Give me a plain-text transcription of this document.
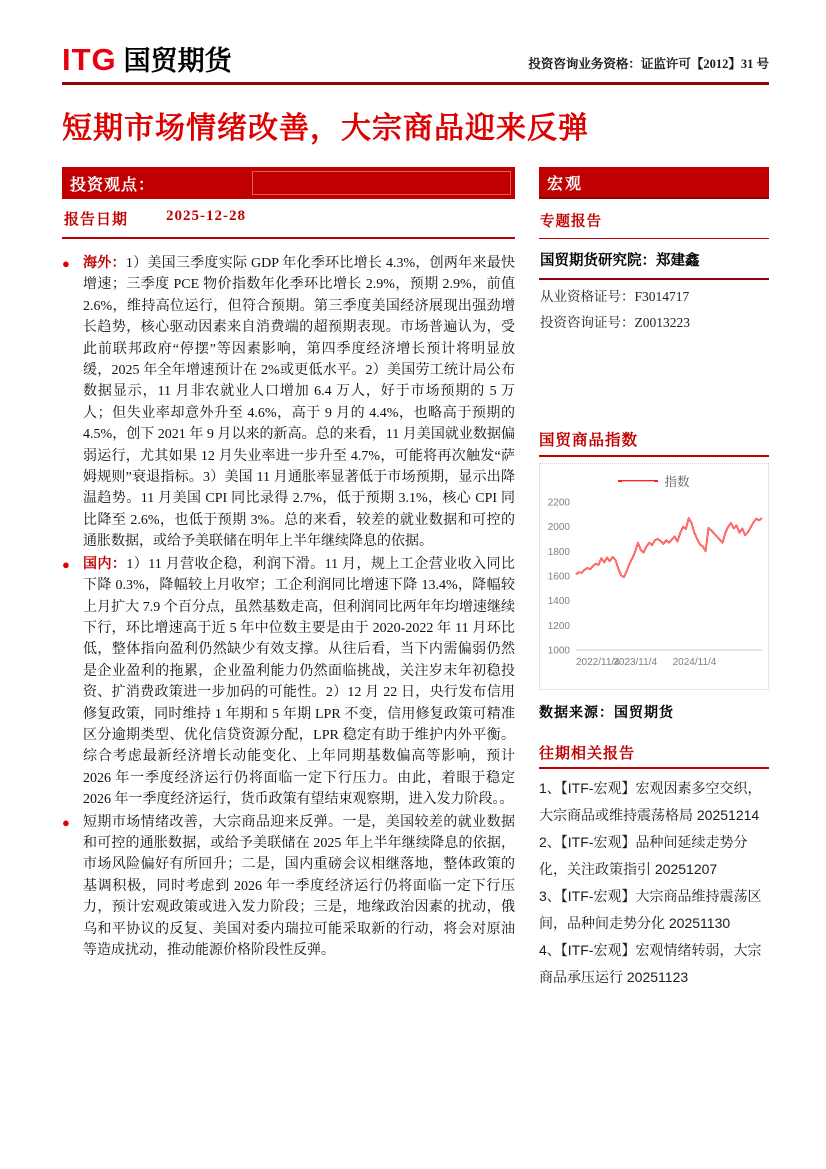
ITG 国贸期货	投资咨询业务资格：证监许可【2012】31 号
短期市场情绪改善，大宗商品迎来反弹
投资观点：
报告日期	2025-12-28
● 海外：1）美国三季度实际 GDP 年化季环比增长 4.3%，创两年来最快增速；三季度 PCE 物价指数年化季环比增长 2.9%，预期 2.9%，前值 2.6%，维持高位运行，但符合预期。第三季度美国经济展现出强劲增长趋势，核心驱动因素来自消费端的超预期表现。市场普遍认为，受此前联邦政府“停摆”等因素影响，第四季度经济增长预计将明显放缓，2025 年全年增速预计在 2%或更低水平。2）美国劳工统计局公布数据显示，11 月非农就业人口增加 6.4 万人，好于市场预期的 5 万人；但失业率却意外升至 4.6%，高于 9 月的 4.4%，也略高于预期的 4.5%，创下 2021 年 9 月以来的新高。总的来看，11 月美国就业数据偏弱运行，尤其如果 12 月失业率进一步升至 4.7%，可能将再次触发“萨姆规则”衰退指标。3）美国 11 月通胀率显著低于市场预期，显示出降温趋势。11 月美国 CPI 同比录得 2.7%，低于预期 3.1%，核心 CPI 同比降至 2.6%，也低于预期 3%。总的来看，较差的就业数据和可控的通胀数据，或给予美联储在明年上半年继续降息的依据。
● 国内：1）11 月营收企稳，利润下滑。11 月，规上工企营业收入同比下降 0.3%，降幅较上月收窄；工企利润同比增速下降 13.4%，降幅较上月扩大 7.9 个百分点，虽然基数走高，但利润同比两年年均增速继续下行，环比增速高于近 5 年中位数主要是由于 2020-2022 年 11 月环比低，整体指向盈利仍然缺少有效支撑。从往后看，当下内需偏弱仍然是企业盈利的拖累，企业盈利能力仍然面临挑战，关注岁末年初稳投资、扩消费政策进一步加码的可能性。2）12 月 22 日，央行发布信用修复政策，同时维持 1 年期和 5 年期 LPR 不变，信用修复政策可精准区分逾期类型、优化信贷资源分配，LPR 稳定有助于维护内外平衡。综合考虑最新经济增长动能变化、上年同期基数偏高等影响，预计 2026 年一季度经济运行仍将面临一定下行压力。由此，着眼于稳定 2026 年一季度经济运行，货币政策有望结束观察期，进入发力阶段。。
● 短期市场情绪改善，大宗商品迎来反弹。一是，美国较差的就业数据和可控的通胀数据，或给予美联储在 2025 年上半年继续降息的依据，市场风险偏好有所回升；二是，国内重磅会议相继落地，整体政策的基调积极，同时考虑到 2026 年一季度经济运行仍将面临一定下行压力，预计宏观政策或进入发力阶段；三是，地缘政治因素的扰动，俄乌和平协议的反复、美国对委内瑞拉可能采取新的行动，将会对原油等造成扰动，推动能源价格阶段性反弹。
宏观
专题报告
国贸期货研究院：郑建鑫
从业资格证号：F3014717
投资咨询证号：Z0013223
国贸商品指数
指数
1000
1200
1400
1600
1800
2000
2200
2022/11/4
2023/11/4 2024/11/4
数据来源：国贸期货
往期相关报告
1、【ITF-宏观】宏观因素多空交织，大宗商品或维持震荡格局 20251214
2、【ITF-宏观】品种间延续走势分化，关注政策指引 20251207
3、【ITF-宏观】大宗商品维持震荡区间，品种间走势分化 20251130
4、【ITF-宏观】宏观情绪转弱，大宗商品承压运行 20251123
